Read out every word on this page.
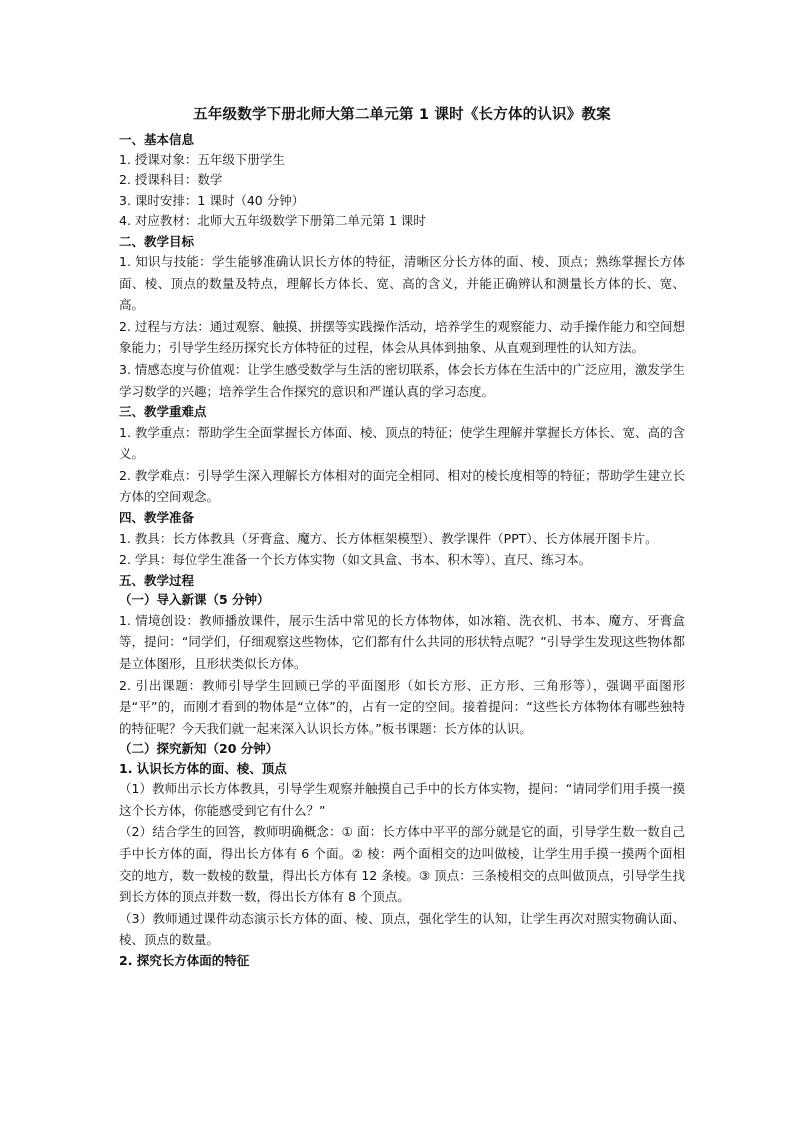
五年级数学下册北师大第二单元第 1 课时《长方体的认识》教案
一、基本信息
1. 授课对象：五年级下册学生
2. 授课科目：数学
3. 课时安排：1 课时（40 分钟）
4. 对应教材：北师大五年级数学下册第二单元第 1 课时
二、教学目标
1. 知识与技能：学生能够准确认识长方体的特征，清晰区分长方体的面、棱、顶点；熟练掌握长方体面、棱、顶点的数量及特点，理解长方体长、宽、高的含义，并能正确辨认和测量长方体的长、宽、高。
2. 过程与方法：通过观察、触摸、拼摆等实践操作活动，培养学生的观察能力、动手操作能力和空间想象能力；引导学生经历探究长方体特征的过程，体会从具体到抽象、从直观到理性的认知方法。
3. 情感态度与价值观：让学生感受数学与生活的密切联系，体会长方体在生活中的广泛应用，激发学生学习数学的兴趣；培养学生合作探究的意识和严谨认真的学习态度。
三、教学重难点
1. 教学重点：帮助学生全面掌握长方体面、棱、顶点的特征；使学生理解并掌握长方体长、宽、高的含义。
2. 教学难点：引导学生深入理解长方体相对的面完全相同、相对的棱长度相等的特征；帮助学生建立长方体的空间观念。
四、教学准备
1. 教具：长方体教具（牙膏盒、魔方、长方体框架模型）、教学课件（PPT）、长方体展开图卡片。
2. 学具：每位学生准备一个长方体实物（如文具盒、书本、积木等）、直尺、练习本。
五、教学过程
（一）导入新课（5 分钟）
1. 情境创设：教师播放课件，展示生活中常见的长方体物体，如冰箱、洗衣机、书本、魔方、牙膏盒等，提问：“同学们，仔细观察这些物体，它们都有什么共同的形状特点呢？”引导学生发现这些物体都是立体图形，且形状类似长方体。
2. 引出课题：教师引导学生回顾已学的平面图形（如长方形、正方形、三角形等），强调平面图形是“平”的，而刚才看到的物体是“立体”的，占有一定的空间。接着提问：“这些长方体物体有哪些独特的特征呢？今天我们就一起来深入认识长方体。”板书课题：长方体的认识。
（二）探究新知（20 分钟）
1. 认识长方体的面、棱、顶点
（1）教师出示长方体教具，引导学生观察并触摸自己手中的长方体实物，提问：“请同学们用手摸一摸这个长方体，你能感受到它有什么？”
（2）结合学生的回答，教师明确概念：① 面：长方体中平平的部分就是它的面，引导学生数一数自己手中长方体的面，得出长方体有 6 个面。② 棱：两个面相交的边叫做棱，让学生用手摸一摸两个面相交的地方，数一数棱的数量，得出长方体有 12 条棱。③ 顶点：三条棱相交的点叫做顶点，引导学生找到长方体的顶点并数一数，得出长方体有 8 个顶点。
（3）教师通过课件动态演示长方体的面、棱、顶点，强化学生的认知，让学生再次对照实物确认面、棱、顶点的数量。
2. 探究长方体面的特征
